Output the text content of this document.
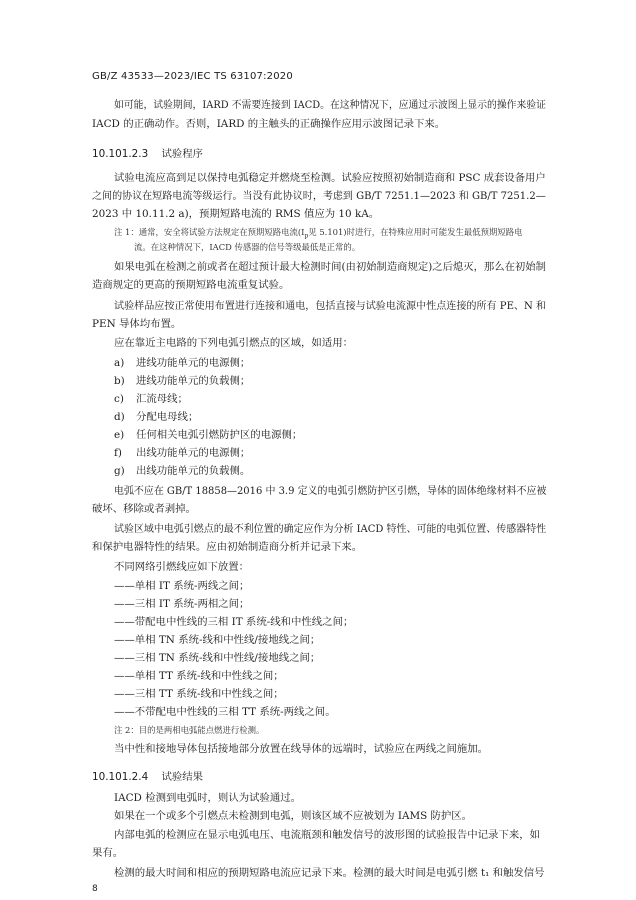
GB/Z 43533—2023/IEC TS 63107:2020
如可能，试验期间，IARD 不需要连接到 IACD。在这种情况下，应通过示波图上显示的操作来验证
IACD 的正确动作。否则，IARD 的主触头的正确操作应用示波图记录下来。
10.101.2.3 试验程序
试验电流应高到足以保持电弧稳定并燃烧至检测。试验应按照初始制造商和 PSC 成套设备用户
之间的协议在短路电流等级运行。当没有此协议时，考虑到 GB/T 7251.1—2023 和 GB/T 7251.2—
2023 中 10.11.2 a)，预期短路电流的 RMS 值应为 10 kA。
注 1：通常，安全将试验方法规定在预期短路电流($I_p$见 5.101)时进行，在特殊应用时可能发生最低预期短路电
流。在这种情况下，IACD 传感器的信号等级最低是正常的。
如果电弧在检测之前或者在超过预计最大检测时间(由初始制造商规定)之后熄灭，那么在初始制
造商规定的更高的预期短路电流重复试验。
试验样品应按正常使用布置进行连接和通电，包括直接与试验电流源中性点连接的所有 PE、N 和
PEN 导体均布置。
应在靠近主电路的下列电弧引燃点的区域，如适用：
a) 进线功能单元的电源侧；
b) 进线功能单元的负载侧；
c) 汇流母线；
d) 分配电母线；
e) 任何相关电弧引燃防护区的电源侧；
f) 出线功能单元的电源侧；
g) 出线功能单元的负载侧。
电弧不应在 GB/T 18858—2016 中 3.9 定义的电弧引燃防护区引燃，导体的固体绝缘材料不应被
破坏、移除或者剥掉。
试验区域中电弧引燃点的最不利位置的确定应作为分析 IACD 特性、可能的电弧位置、传感器特性
和保护电器特性的结果。应由初始制造商分析并记录下来。
不同网络引燃线应如下放置：
——单相 IT 系统-两线之间；
——三相 IT 系统-两相之间；
——带配电中性线的三相 IT 系统-线和中性线之间；
——单相 TN 系统-线和中性线/接地线之间；
——三相 TN 系统-线和中性线/接地线之间；
——单相 TT 系统-线和中性线之间；
——三相 TT 系统-线和中性线之间；
——不带配电中性线的三相 TT 系统-两线之间。
注 2：目的是两相电弧能点燃进行检测。
当中性和接地导体包括接地部分放置在线导体的远端时，试验应在两线之间施加。
10.101.2.4 试验结果
IACD 检测到电弧时，则认为试验通过。
如果在一个或多个引燃点未检测到电弧，则该区域不应被划为 IAMS 防护区。
内部电弧的检测应在显示电弧电压、电流瓶颈和触发信号的波形图的试验报告中记录下来，如
果有。
检测的最大时间和相应的预期短路电流应记录下来。检测的最大时间是电弧引燃 t₁ 和触发信号
8
